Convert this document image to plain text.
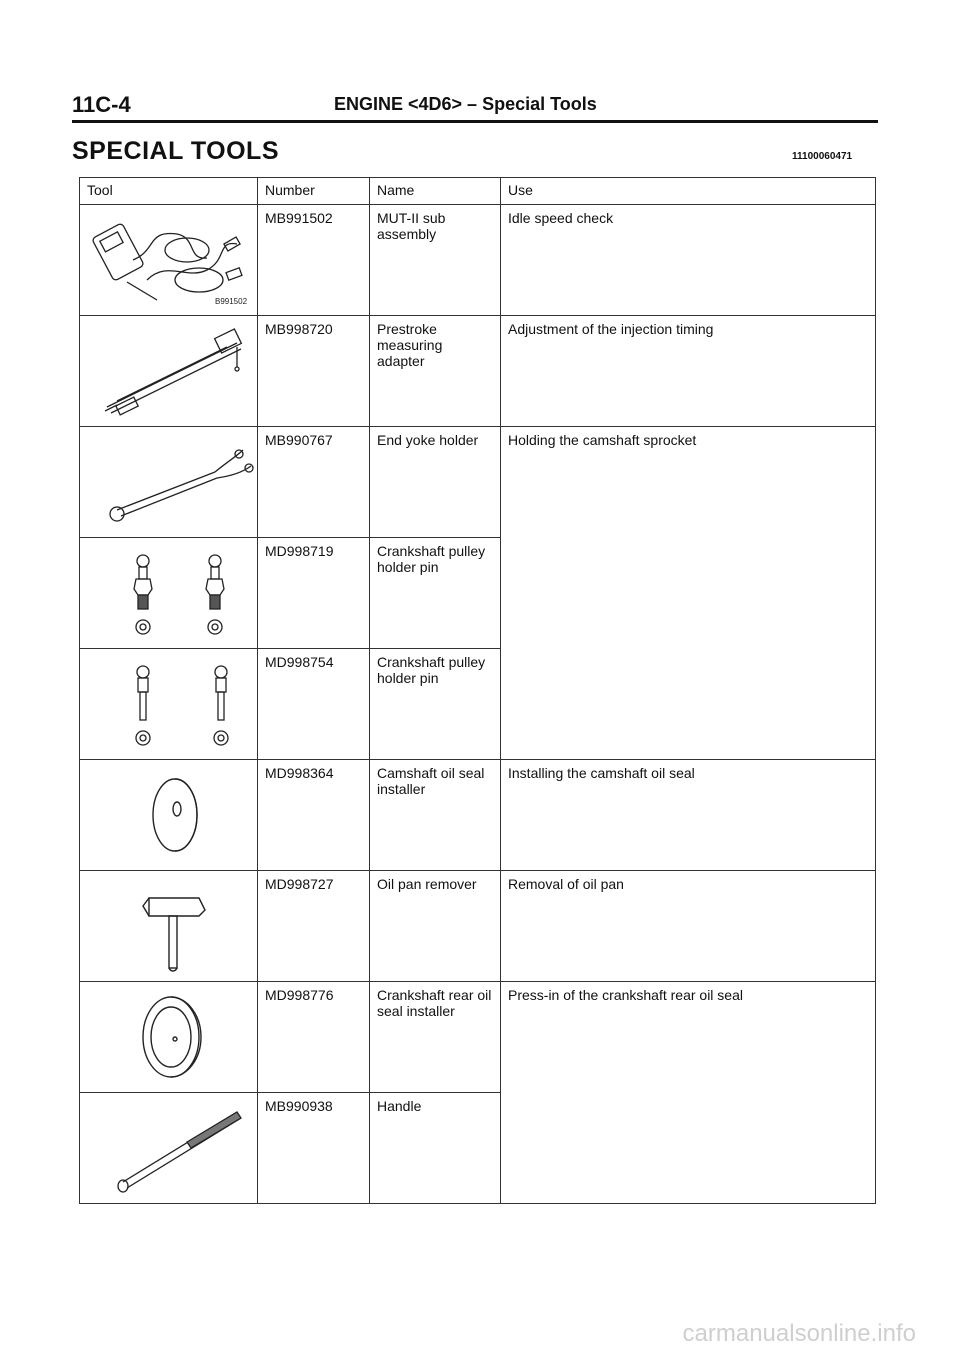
11C-4	ENGINE <4D6> – Special Tools
SPECIAL TOOLS	11100060471
Tool	Number	Name	Use

B991502	MB991502	MUT-II sub assembly	Idle speed check

	MB998720	Prestroke measuring adapter	Adjustment of the injection timing

	MB990767	End yoke holder	Holding the camshaft sprocket

	MD998719	Crankshaft pulley holder pin	

	MD998754	Crankshaft pulley holder pin	

	MD998364	Camshaft oil seal installer	Installing the camshaft oil seal

	MD998727	Oil pan remover	Removal of oil pan

	MD998776	Crankshaft rear oil seal installer	Press-in of the crankshaft rear oil seal

	MB990938	Handle	
carmanualsonline.info
